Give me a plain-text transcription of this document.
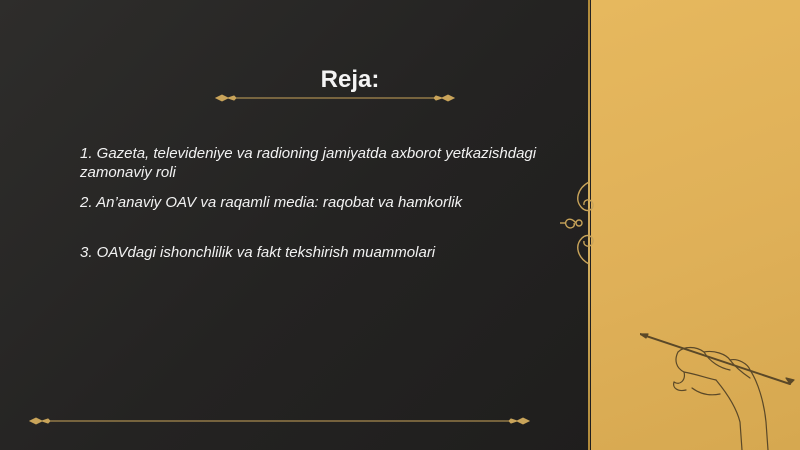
Reja:
1. Gazeta, televideniye va radioning jamiyatda axborot yetkazishdagi zamonaviy roli
2. An’anaviy OAV va raqamli media: raqobat va hamkorlik
3. OAVdagi ishonchlilik va fakt tekshirish muammolari
